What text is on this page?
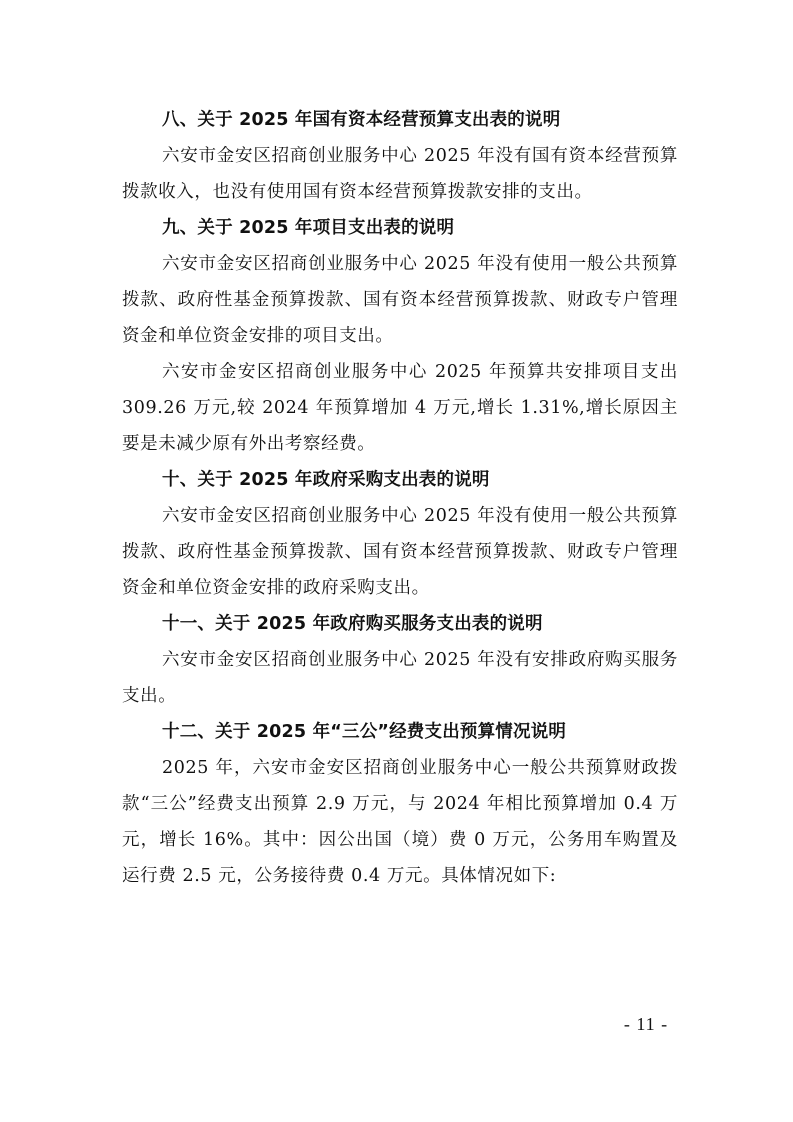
八、关于 2025 年国有资本经营预算支出表的说明
六安市金安区招商创业服务中心 2025 年没有国有资本经营预算拨款收入，也没有使用国有资本经营预算拨款安排的支出。
九、关于 2025 年项目支出表的说明
六安市金安区招商创业服务中心 2025 年没有使用一般公共预算拨款、政府性基金预算拨款、国有资本经营预算拨款、财政专户管理资金和单位资金安排的项目支出。
六安市金安区招商创业服务中心 2025 年预算共安排项目支出 309.26 万元,较 2024 年预算增加 4 万元,增长 1.31%,增长原因主要是未减少原有外出考察经费。
十、关于 2025 年政府采购支出表的说明
六安市金安区招商创业服务中心 2025 年没有使用一般公共预算拨款、政府性基金预算拨款、国有资本经营预算拨款、财政专户管理资金和单位资金安排的政府采购支出。
十一、关于 2025 年政府购买服务支出表的说明
六安市金安区招商创业服务中心 2025 年没有安排政府购买服务支出。
十二、关于 2025 年“三公”经费支出预算情况说明
2025 年，六安市金安区招商创业服务中心一般公共预算财政拨款“三公”经费支出预算 2.9 万元，与 2024 年相比预算增加 0.4 万元，增长 16%。其中：因公出国（境）费 0 万元，公务用车购置及运行费 2.5 元，公务接待费 0.4 万元。具体情况如下:
- 11 -
